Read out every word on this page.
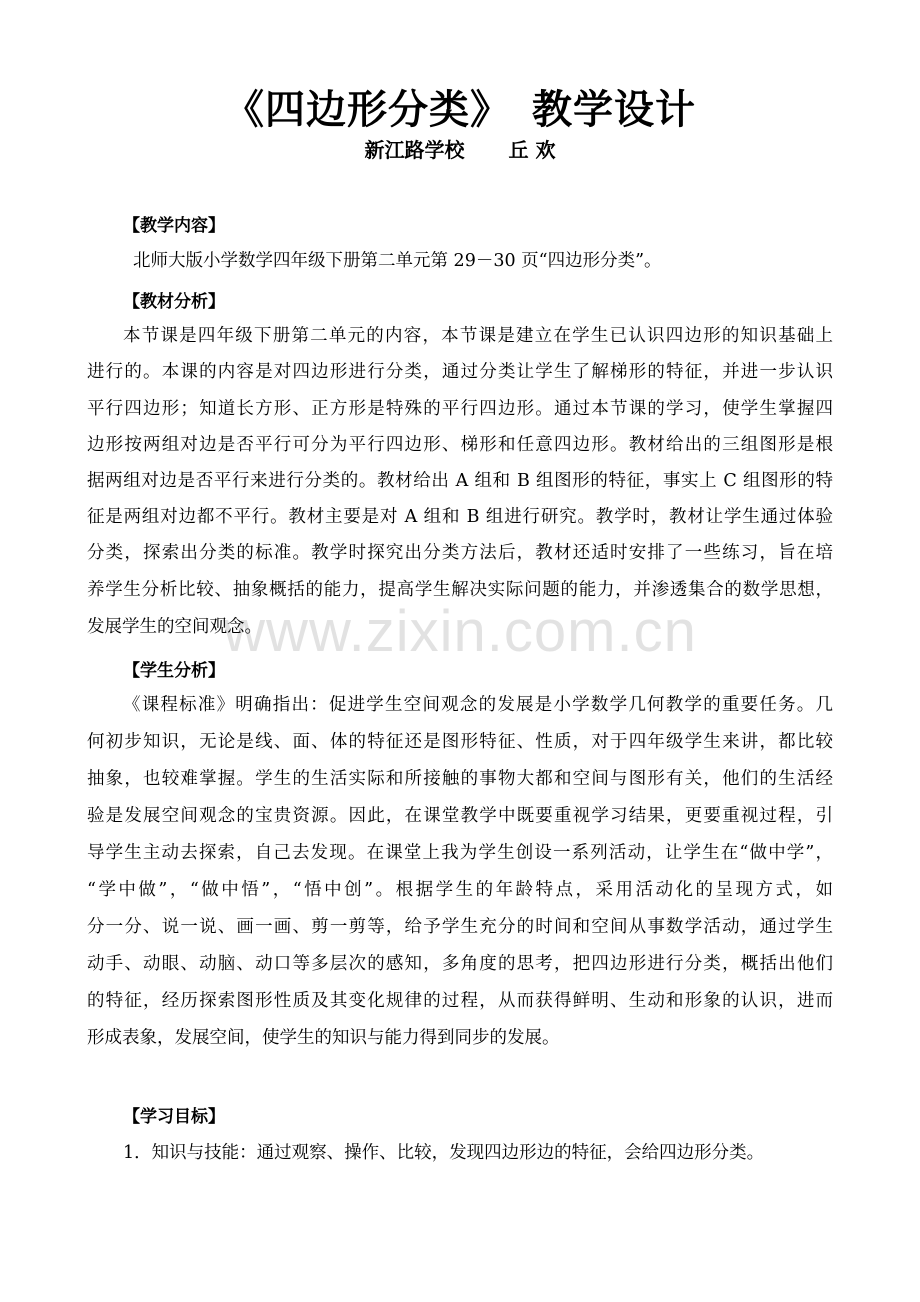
www.zixin.com.cn
《四边形分类》　教学设计
新江路学校 丘 欢
【教学内容】
北师大版小学数学四年级下册第二单元第 29－30 页“四边形分类”。
【教材分析】
本节课是四年级下册第二单元的内容，本节课是建立在学生已认识四边形的知识基础上
进行的。本课的内容是对四边形进行分类，通过分类让学生了解梯形的特征，并进一步认识
平行四边形；知道长方形、正方形是特殊的平行四边形。通过本节课的学习，使学生掌握四
边形按两组对边是否平行可分为平行四边形、梯形和任意四边形。教材给出的三组图形是根
据两组对边是否平行来进行分类的。教材给出 A 组和 B 组图形的特征，事实上 C 组图形的特
征是两组对边都不平行。教材主要是对 A 组和 B 组进行研究。教学时，教材让学生通过体验
分类，探索出分类的标准。教学时探究出分类方法后，教材还适时安排了一些练习，旨在培
养学生分析比较、抽象概括的能力，提高学生解决实际问题的能力，并渗透集合的数学思想，
发展学生的空间观念。
【学生分析】
《课程标准》明确指出：促进学生空间观念的发展是小学数学几何教学的重要任务。几
何初步知识，无论是线、面、体的特征还是图形特征、性质，对于四年级学生来讲，都比较
抽象，也较难掌握。学生的生活实际和所接触的事物大都和空间与图形有关，他们的生活经
验是发展空间观念的宝贵资源。因此，在课堂教学中既要重视学习结果，更要重视过程，引
导学生主动去探索，自己去发现。在课堂上我为学生创设一系列活动，让学生在“做中学”，
“学中做”，“做中悟”，“悟中创”。根据学生的年龄特点，采用活动化的呈现方式，如
分一分、说一说、画一画、剪一剪等，给予学生充分的时间和空间从事数学活动，通过学生
动手、动眼、动脑、动口等多层次的感知，多角度的思考，把四边形进行分类，概括出他们
的特征，经历探索图形性质及其变化规律的过程，从而获得鲜明、生动和形象的认识，进而
形成表象，发展空间，使学生的知识与能力得到同步的发展。
【学习目标】
1．知识与技能：通过观察、操作、比较，发现四边形边的特征，会给四边形分类。
